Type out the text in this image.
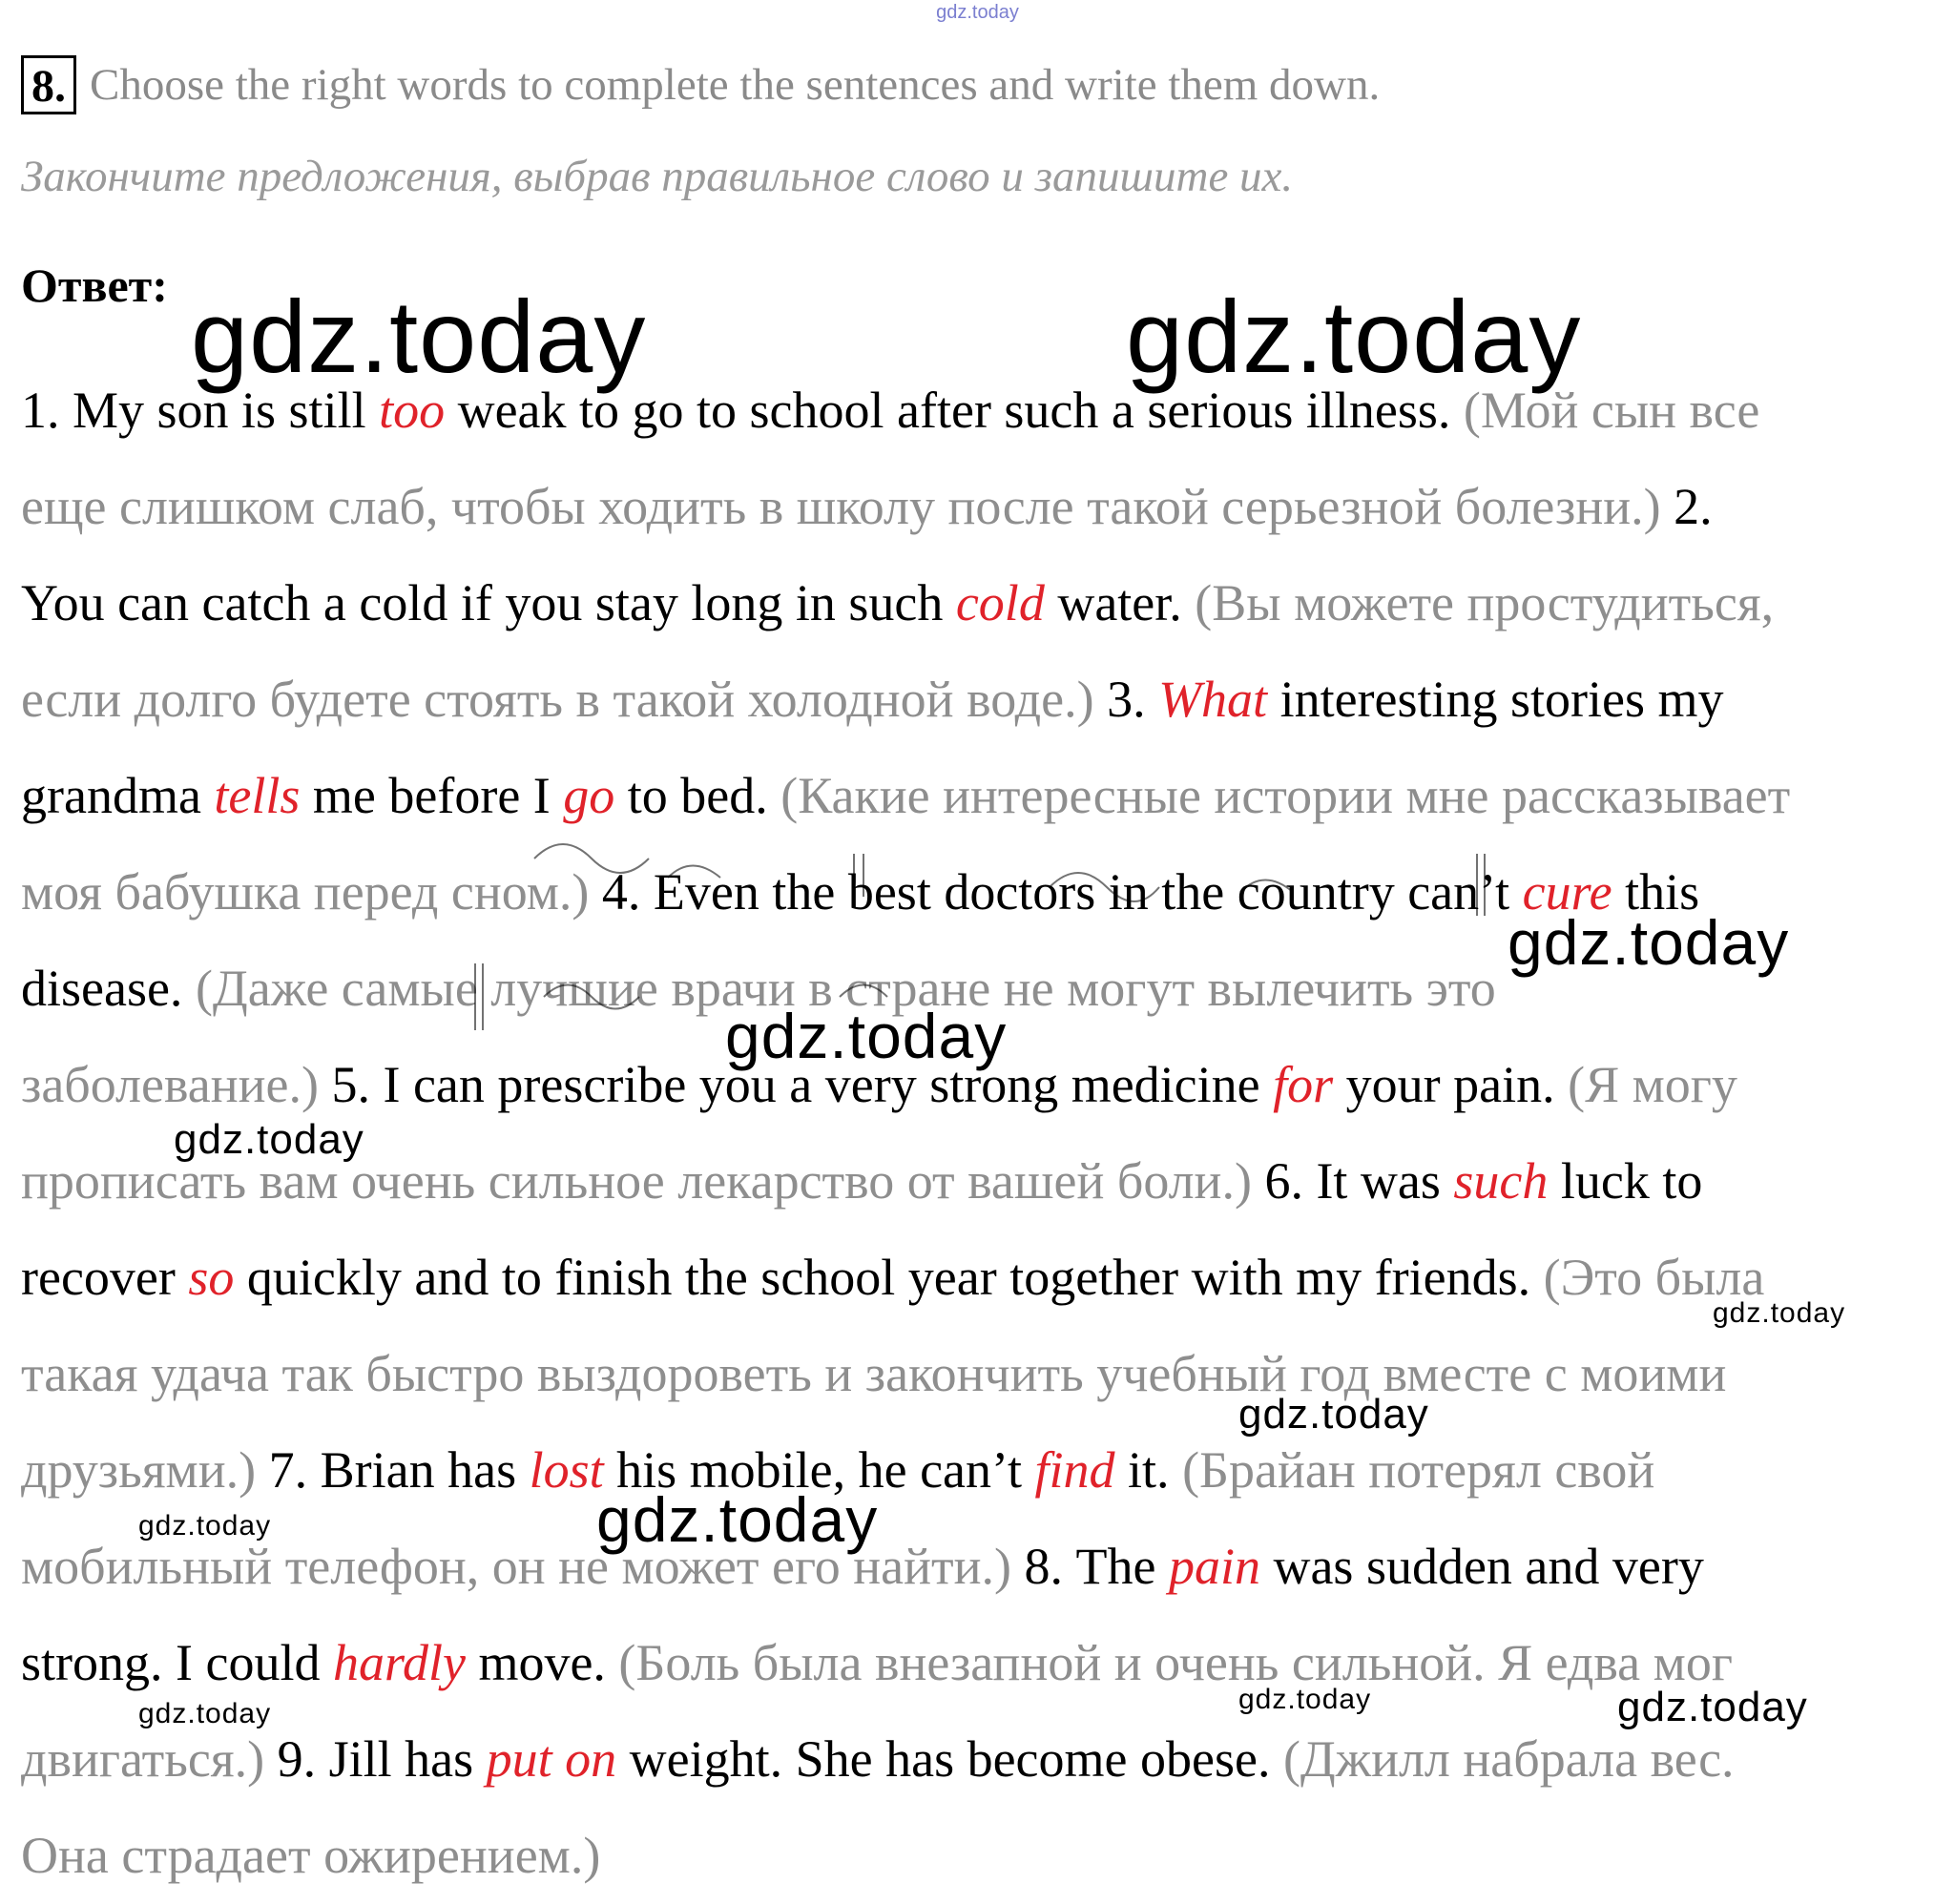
gdz.today
8. Choose the right words to complete the sentences and write them down.
Закончите предложения, выбрав правильное слово и запишите их.
Ответ:
1. My son is still too weak to go to school after such a serious illness. (Мой сын все
еще слишком слаб, чтобы ходить в школу после такой серьезной болезни.) 2.
You can catch a cold if you stay long in such cold water. (Вы можете простудиться,
если долго будете стоять в такой холодной воде.) 3. What interesting stories my
grandma tells me before I go to bed. (Какие интересные истории мне рассказывает
моя бабушка перед сном.) 4. Even the best doctors in the country can’t cure this
disease. (Даже самые лучшие врачи в стране не могут вылечить это
заболевание.) 5. I can prescribe you a very strong medicine for your pain. (Я могу
прописать вам очень сильное лекарство от вашей боли.) 6. It was such luck to
recover so quickly and to finish the school year together with my friends. (Это была
такая удача так быстро выздороветь и закончить учебный год вместе с моими
друзьями.) 7. Brian has lost his mobile, he can’t find it. (Брайан потерял свой
мобильный телефон, он не может его найти.) 8. The pain was sudden and very
strong. I could hardly move. (Боль была внезапной и очень сильной. Я едва мог
двигаться.) 9. Jill has put on weight. She has become obese. (Джилл набрала вес.
Она страдает ожирением.)
gdz.today	gdz.today
gdz.today
gdz.today
gdz.today
gdz.today
gdz.today
gdz.today	gdz.today
gdz.today	gdz.today	gdz.today
